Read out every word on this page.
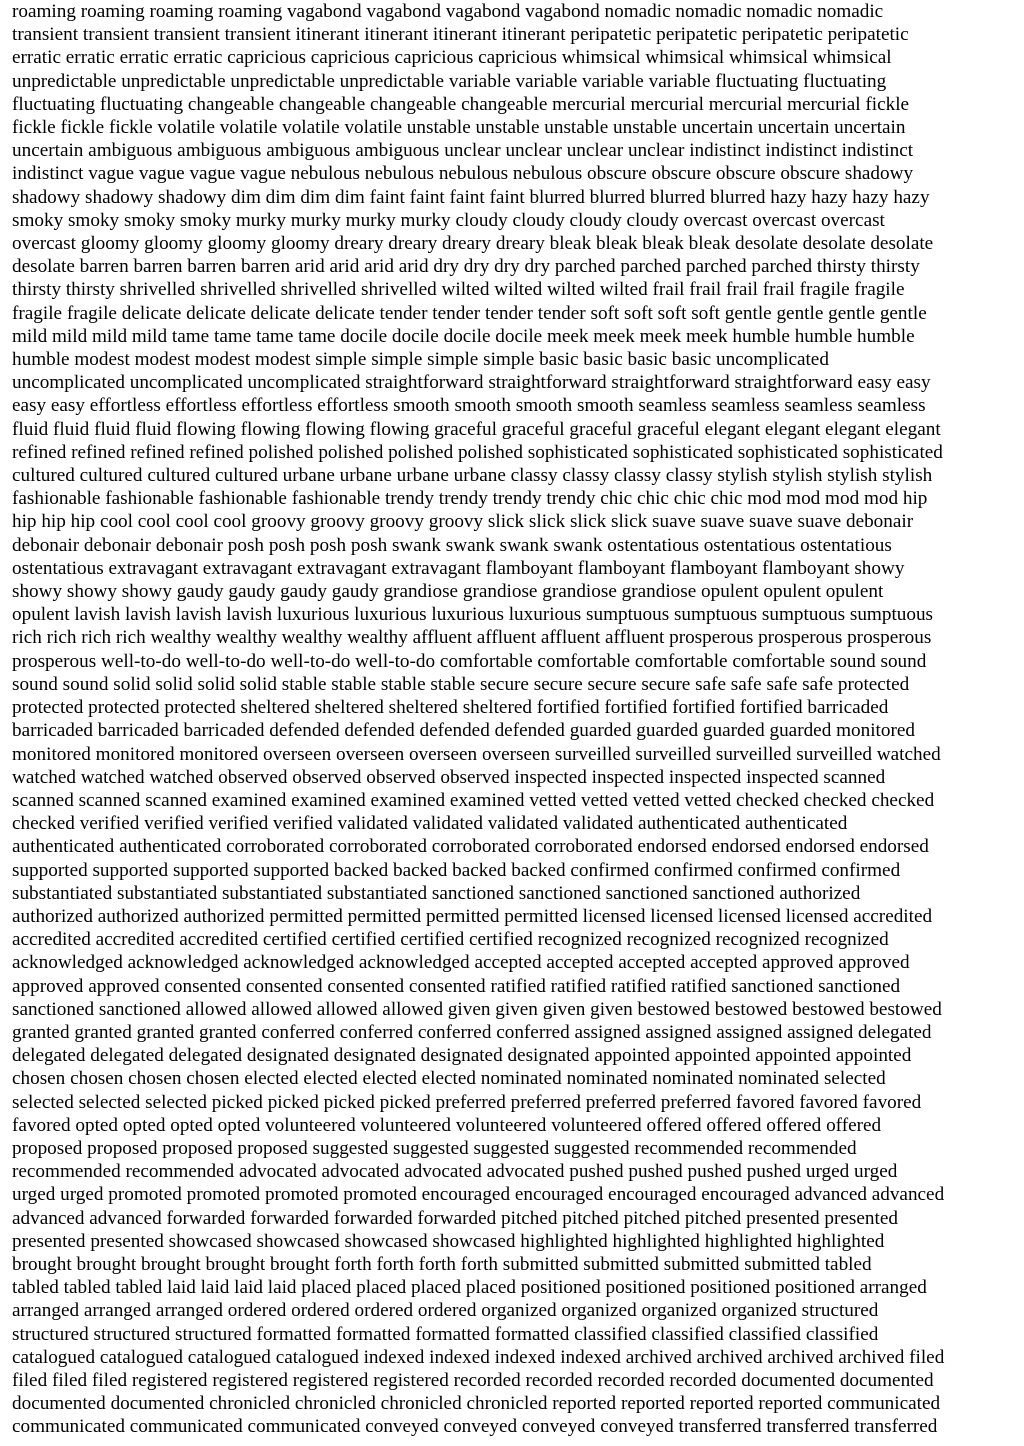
roaming roaming roaming roaming vagabond vagabond vagabond vagabond nomadic nomadic nomadic nomadic
transient transient transient transient itinerant itinerant itinerant itinerant peripatetic peripatetic peripatetic peripatetic
erratic erratic erratic erratic capricious capricious capricious capricious whimsical whimsical whimsical whimsical
unpredictable unpredictable unpredictable unpredictable variable variable variable variable fluctuating fluctuating
fluctuating fluctuating changeable changeable changeable changeable mercurial mercurial mercurial mercurial fickle
fickle fickle fickle volatile volatile volatile volatile unstable unstable unstable unstable uncertain uncertain uncertain
uncertain ambiguous ambiguous ambiguous ambiguous unclear unclear unclear unclear indistinct indistinct indistinct
indistinct vague vague vague vague nebulous nebulous nebulous nebulous obscure obscure obscure obscure shadowy
shadowy shadowy shadowy dim dim dim dim faint faint faint faint blurred blurred blurred blurred hazy hazy hazy hazy
smoky smoky smoky smoky murky murky murky murky cloudy cloudy cloudy cloudy overcast overcast overcast
overcast gloomy gloomy gloomy gloomy dreary dreary dreary dreary bleak bleak bleak bleak desolate desolate desolate
desolate barren barren barren barren arid arid arid arid dry dry dry dry parched parched parched parched thirsty thirsty
thirsty thirsty shrivelled shrivelled shrivelled shrivelled wilted wilted wilted wilted frail frail frail frail fragile fragile
fragile fragile delicate delicate delicate delicate tender tender tender tender soft soft soft soft gentle gentle gentle gentle
mild mild mild mild tame tame tame tame docile docile docile docile meek meek meek meek humble humble humble
humble modest modest modest modest simple simple simple simple basic basic basic basic uncomplicated
uncomplicated uncomplicated uncomplicated straightforward straightforward straightforward straightforward easy easy
easy easy effortless effortless effortless effortless smooth smooth smooth smooth seamless seamless seamless seamless
fluid fluid fluid fluid flowing flowing flowing flowing graceful graceful graceful graceful elegant elegant elegant elegant
refined refined refined refined polished polished polished polished sophisticated sophisticated sophisticated sophisticated
cultured cultured cultured cultured urbane urbane urbane urbane classy classy classy classy stylish stylish stylish stylish
fashionable fashionable fashionable fashionable trendy trendy trendy trendy chic chic chic chic mod mod mod mod hip
hip hip hip cool cool cool cool groovy groovy groovy groovy slick slick slick slick suave suave suave suave debonair
debonair debonair debonair posh posh posh posh swank swank swank swank ostentatious ostentatious ostentatious
ostentatious extravagant extravagant extravagant extravagant flamboyant flamboyant flamboyant flamboyant showy
showy showy showy gaudy gaudy gaudy gaudy grandiose grandiose grandiose grandiose opulent opulent opulent
opulent lavish lavish lavish lavish luxurious luxurious luxurious luxurious sumptuous sumptuous sumptuous sumptuous
rich rich rich rich wealthy wealthy wealthy wealthy affluent affluent affluent affluent prosperous prosperous prosperous
prosperous well-to-do well-to-do well-to-do well-to-do comfortable comfortable comfortable comfortable sound sound
sound sound solid solid solid solid stable stable stable stable secure secure secure secure safe safe safe safe protected
protected protected protected sheltered sheltered sheltered sheltered fortified fortified fortified fortified barricaded
barricaded barricaded barricaded defended defended defended defended guarded guarded guarded guarded monitored
monitored monitored monitored overseen overseen overseen overseen surveilled surveilled surveilled surveilled watched
watched watched watched observed observed observed observed inspected inspected inspected inspected scanned
scanned scanned scanned examined examined examined examined vetted vetted vetted vetted checked checked checked
checked verified verified verified verified validated validated validated validated authenticated authenticated
authenticated authenticated corroborated corroborated corroborated corroborated endorsed endorsed endorsed endorsed
supported supported supported supported backed backed backed backed confirmed confirmed confirmed confirmed
substantiated substantiated substantiated substantiated sanctioned sanctioned sanctioned sanctioned authorized
authorized authorized authorized permitted permitted permitted permitted licensed licensed licensed licensed accredited
accredited accredited accredited certified certified certified certified recognized recognized recognized recognized
acknowledged acknowledged acknowledged acknowledged accepted accepted accepted accepted approved approved
approved approved consented consented consented consented ratified ratified ratified ratified sanctioned sanctioned
sanctioned sanctioned allowed allowed allowed allowed given given given given bestowed bestowed bestowed bestowed
granted granted granted granted conferred conferred conferred conferred assigned assigned assigned assigned delegated
delegated delegated delegated designated designated designated designated appointed appointed appointed appointed
chosen chosen chosen chosen elected elected elected elected nominated nominated nominated nominated selected
selected selected selected picked picked picked picked preferred preferred preferred preferred favored favored favored
favored opted opted opted opted volunteered volunteered volunteered volunteered offered offered offered offered
proposed proposed proposed proposed suggested suggested suggested suggested recommended recommended
recommended recommended advocated advocated advocated advocated pushed pushed pushed pushed urged urged
urged urged promoted promoted promoted promoted encouraged encouraged encouraged encouraged advanced advanced
advanced advanced forwarded forwarded forwarded forwarded pitched pitched pitched pitched presented presented
presented presented showcased showcased showcased showcased highlighted highlighted highlighted highlighted
brought brought brought brought brought forth forth forth forth submitted submitted submitted submitted tabled
tabled tabled tabled laid laid laid laid placed placed placed placed positioned positioned positioned positioned arranged
arranged arranged arranged ordered ordered ordered ordered organized organized organized organized structured
structured structured structured formatted formatted formatted formatted classified classified classified classified
catalogued catalogued catalogued catalogued indexed indexed indexed indexed archived archived archived archived filed
filed filed filed registered registered registered registered recorded recorded recorded recorded documented documented
documented documented chronicled chronicled chronicled chronicled reported reported reported reported communicated
communicated communicated communicated conveyed conveyed conveyed conveyed transferred transferred transferred
